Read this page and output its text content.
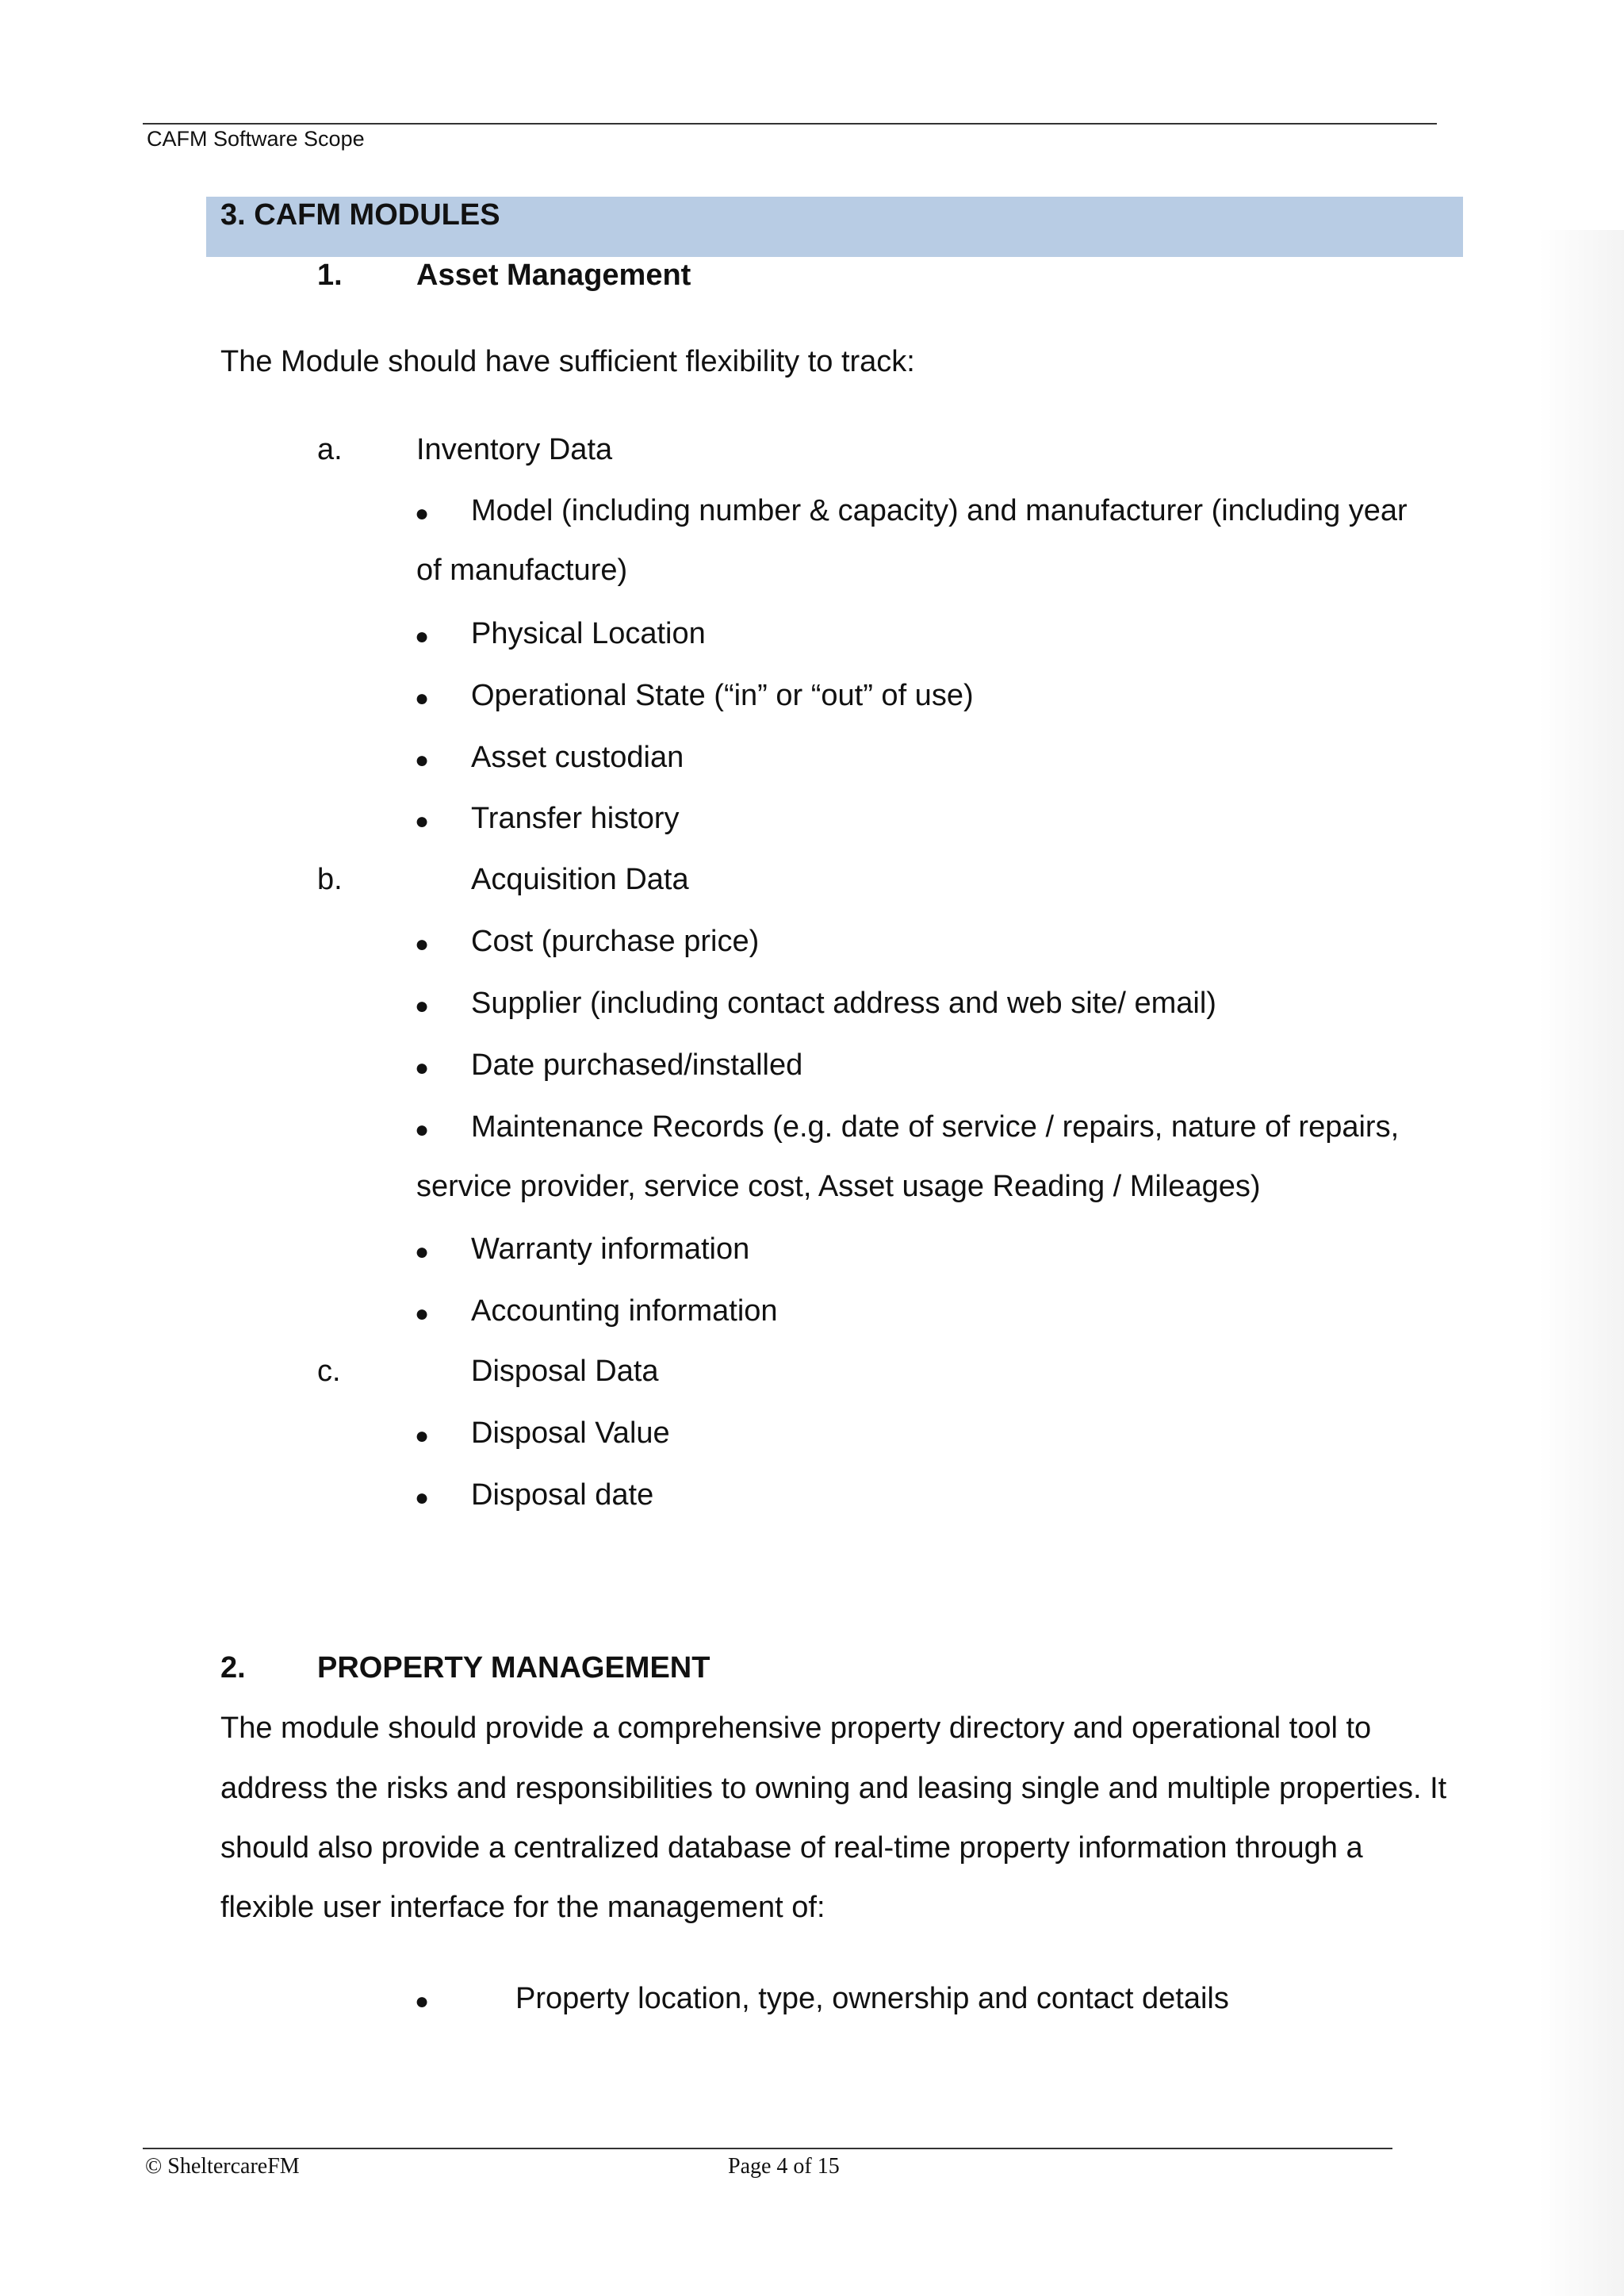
CAFM Software Scope
3. CAFM MODULES
1. Asset Management
The Module should have sufficient flexibility to track:
a. Inventory Data
● Model (including number & capacity) and manufacturer (including year
of manufacture)
● Physical Location
● Operational State (“in” or “out” of use)
● Asset custodian
● Transfer history
b.	Acquisition Data
● Cost (purchase price)
● Supplier (including contact address and web site/ email)
● Date purchased/installed
● Maintenance Records (e.g. date of service / repairs, nature of repairs,
service provider, service cost, Asset usage Reading / Mileages)
● Warranty information
● Accounting information
c.	Disposal Data
● Disposal Value
● Disposal date
2. PROPERTY MANAGEMENT
The module should provide a comprehensive property directory and operational tool to
address the risks and responsibilities to owning and leasing single and multiple properties. It
should also provide a centralized database of real-time property information through a
flexible user interface for the management of:
●	Property location, type, ownership and contact details
© SheltercareFM	Page 4 of 15
